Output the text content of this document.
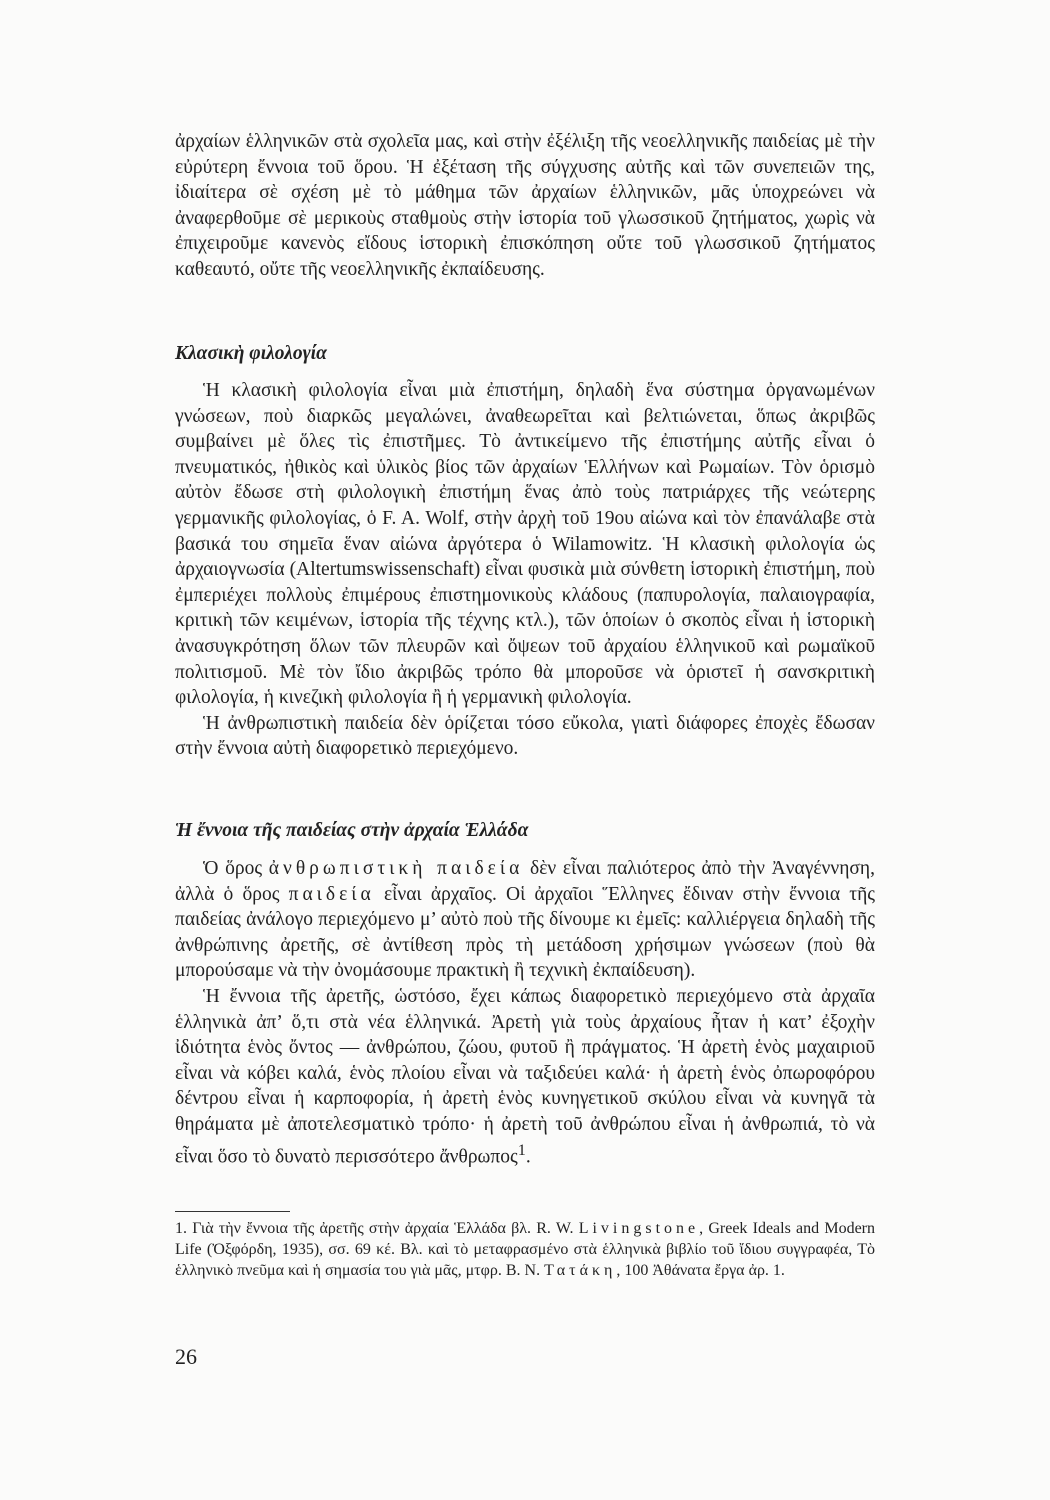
ἀρχαίων ἑλληνικῶν στὰ σχολεῖα μας, καὶ στὴν ἐξέλιξη τῆς νεοελληνικῆς παιδείας μὲ τὴν εὐρύτερη ἔννοια τοῦ ὅρου. Ἡ ἐξέταση τῆς σύγχυσης αὐτῆς καὶ τῶν συνεπειῶν της, ἰδιαίτερα σὲ σχέση μὲ τὸ μάθημα τῶν ἀρχαίων ἑλληνικῶν, μᾶς ὑποχρεώνει νὰ ἀναφερθοῦμε σὲ μερικοὺς σταθμοὺς στὴν ἱστορία τοῦ γλωσσικοῦ ζητήματος, χωρὶς νὰ ἐπιχειροῦμε κανενὸς εἴδους ἱστορικὴ ἐπισκόπηση οὔτε τοῦ γλωσσικοῦ ζητήματος καθεαυτό, οὔτε τῆς νεοελληνικῆς ἐκπαίδευσης.

Κλασικὴ φιλολογία

Ἡ κλασικὴ φιλολογία εἶναι μιὰ ἐπιστήμη, δηλαδὴ ἕνα σύστημα ὀργανωμένων γνώσεων, ποὺ διαρκῶς μεγαλώνει, ἀναθεωρεῖται καὶ βελτιώνεται, ὅπως ἀκριβῶς συμβαίνει μὲ ὅλες τὶς ἐπιστῆμες. Τὸ ἀντικείμενο τῆς ἐπιστήμης αὐτῆς εἶναι ὁ πνευματικός, ἠθικὸς καὶ ὑλικὸς βίος τῶν ἀρχαίων Ἑλλήνων καὶ Ρωμαίων. Τὸν ὁρισμὸ αὐτὸν ἔδωσε στὴ φιλολογικὴ ἐπιστήμη ἕνας ἀπὸ τοὺς πατριάρχες τῆς νεώτερης γερμανικῆς φιλολογίας, ὁ F. A. Wolf, στὴν ἀρχὴ τοῦ 19ου αἰώνα καὶ τὸν ἐπανάλαβε στὰ βασικά του σημεῖα ἕναν αἰώνα ἀργότερα ὁ Wilamowitz. Ἡ κλασικὴ φιλολογία ὡς ἀρχαιογνωσία (Altertumswissenschaft) εἶναι φυσικὰ μιὰ σύνθετη ἱστορικὴ ἐπιστήμη, ποὺ ἐμπεριέχει πολλοὺς ἐπιμέρους ἐπιστημονικοὺς κλάδους (παπυρολογία, παλαιογραφία, κριτικὴ τῶν κειμένων, ἱστορία τῆς τέχνης κτλ.), τῶν ὁποίων ὁ σκοπὸς εἶναι ἡ ἱστορικὴ ἀνασυγκρότηση ὅλων τῶν πλευρῶν καὶ ὄψεων τοῦ ἀρχαίου ἑλληνικοῦ καὶ ρωμαϊκοῦ πολιτισμοῦ. Μὲ τὸν ἴδιο ἀκριβῶς τρόπο θὰ μποροῦσε νὰ ὁριστεῖ ἡ σανσκριτικὴ φιλολογία, ἡ κινεζικὴ φιλολογία ἢ ἡ γερμανικὴ φιλολογία.

Ἡ ἀνθρωπιστικὴ παιδεία δὲν ὁρίζεται τόσο εὔκολα, γιατὶ διάφορες ἐποχὲς ἔδωσαν στὴν ἔννοια αὐτὴ διαφορετικὸ περιεχόμενο.

Ἡ ἔννοια τῆς παιδείας στὴν ἀρχαία Ἑλλάδα

Ὁ ὅρος ἀνθρωπιστικὴ παιδεία δὲν εἶναι παλιότερος ἀπὸ τὴν Ἀναγέννηση, ἀλλὰ ὁ ὅρος παιδεία εἶναι ἀρχαῖος. Οἱ ἀρχαῖοι Ἕλληνες ἔδιναν στὴν ἔννοια τῆς παιδείας ἀνάλογο περιεχόμενο μ’ αὐτὸ ποὺ τῆς δίνουμε κι ἐμεῖς: καλλιέργεια δηλαδὴ τῆς ἀνθρώπινης ἀρετῆς, σὲ ἀντίθεση πρὸς τὴ μετάδοση χρήσιμων γνώσεων (ποὺ θὰ μπορούσαμε νὰ τὴν ὀνομάσουμε πρακτικὴ ἢ τεχνικὴ ἐκπαίδευση).

Ἡ ἔννοια τῆς ἀρετῆς, ὡστόσο, ἔχει κάπως διαφορετικὸ περιεχόμενο στὰ ἀρχαῖα ἑλληνικὰ ἀπ’ ὅ,τι στὰ νέα ἑλληνικά. Ἀρετὴ γιὰ τοὺς ἀρχαίους ἦταν ἡ κατ’ ἐξοχὴν ἰδιότητα ἑνὸς ὄντος — ἀνθρώπου, ζώου, φυτοῦ ἢ πράγματος. Ἡ ἀρετὴ ἑνὸς μαχαιριοῦ εἶναι νὰ κόβει καλά, ἑνὸς πλοίου εἶναι νὰ ταξιδεύει καλά· ἡ ἀρετὴ ἑνὸς ὀπωροφόρου δέντρου εἶναι ἡ καρποφορία, ἡ ἀρετὴ ἑνὸς κυνηγετικοῦ σκύλου εἶναι νὰ κυνηγᾶ τὰ θηράματα μὲ ἀποτελεσματικὸ τρόπο· ἡ ἀρετὴ τοῦ ἀνθρώπου εἶναι ἡ ἀνθρωπιά, τὸ νὰ εἶναι ὅσο τὸ δυνατὸ περισσότερο ἄνθρωπος$^1$.

1. Γιὰ τὴν ἔννοια τῆς ἀρετῆς στὴν ἀρχαία Ἑλλάδα βλ. R. W. Livingstone, Greek Ideals and Modern Life (Ὀξφόρδη, 1935), σσ. 69 κέ. Βλ. καὶ τὸ μεταφρασμένο στὰ ἑλληνικὰ βιβλίο τοῦ ἴδιου συγγραφέα, Τὸ ἑλληνικὸ πνεῦμα καὶ ἡ σημασία του γιὰ μᾶς, μτφρ. Β. Ν. Τατάκη, 100 Ἀθάνατα ἔργα ἀρ. 1.

26
